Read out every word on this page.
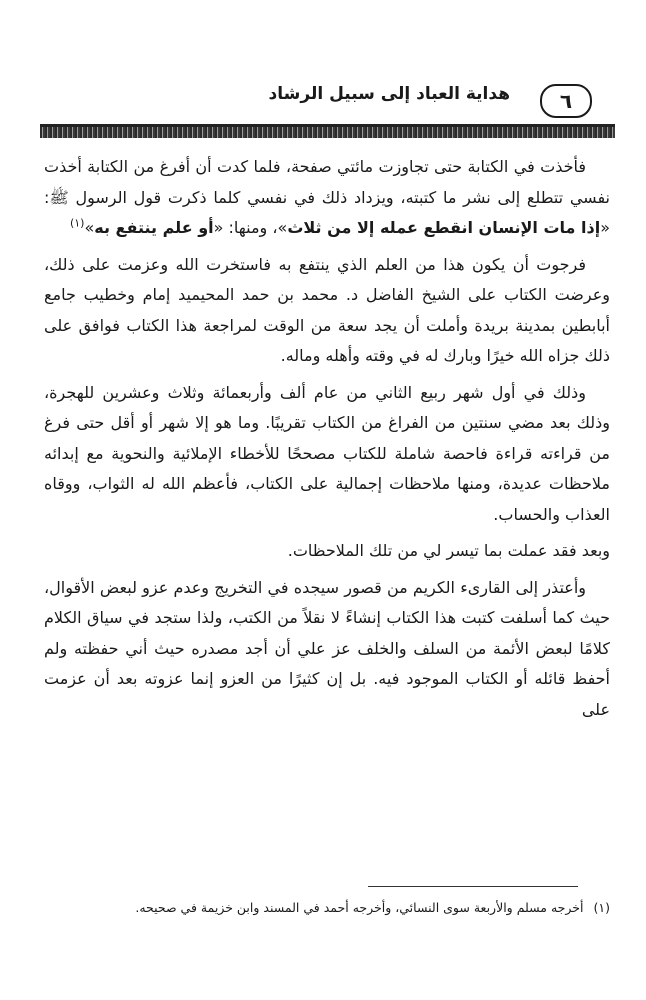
٦
هداية العباد إلى سبيل الرشاد

فأخذت في الكتابة حتى تجاوزت مائتي صفحة، فلما كدت أن أفرغ من الكتابة أخذت نفسي تتطلع إلى نشر ما كتبته، ويزداد ذلك في نفسي كلما ذكرت قول الرسول ﷺ: «إذا مات الإنسان انقطع عمله إلا من ثلاث»، ومنها: «أو علم ينتفع به»$^{(١)}$

فرجوت أن يكون هذا من العلم الذي ينتفع به فاستخرت الله وعزمت على ذلك، وعرضت الكتاب على الشيخ الفاضل د. محمد بن حمد المحيميد إمام وخطيب جامع أبابطين بمدينة بريدة وأملت أن يجد سعة من الوقت لمراجعة هذا الكتاب فوافق على ذلك جزاه الله خيرًا وبارك له في وقته وأهله وماله.

وذلك في أول شهر ربيع الثاني من عام ألف وأربعمائة وثلاث وعشرين للهجرة، وذلك بعد مضي سنتين من الفراغ من الكتاب تقريبًا. وما هو إلا شهر أو أقل حتى فرغ من قراءته قراءة فاحصة شاملة للكتاب مصححًا للأخطاء الإملائية والنحوية مع إبدائه ملاحظات عديدة، ومنها ملاحظات إجمالية على الكتاب، فأعظم الله له الثواب، ووقاه العذاب والحساب.

وبعد فقد عملت بما تيسر لي من تلك الملاحظات.

وأعتذر إلى القارىء الكريم من قصور سيجده في التخريج وعدم عزو لبعض الأقوال، حيث كما أسلفت كتبت هذا الكتاب إنشاءً لا نقلاً من الكتب، ولذا ستجد في سياق الكلام كلامًا لبعض الأئمة من السلف والخلف عز علي أن أجد مصدره حيث أني حفظته ولم أحفظ قائله أو الكتاب الموجود فيه. بل إن كثيرًا من العزو إنما عزوته بعد أن عزمت على

(١)أخرجه مسلم والأربعة سوى النسائي، وأخرجه أحمد في المسند وابن خزيمة في صحيحه.
